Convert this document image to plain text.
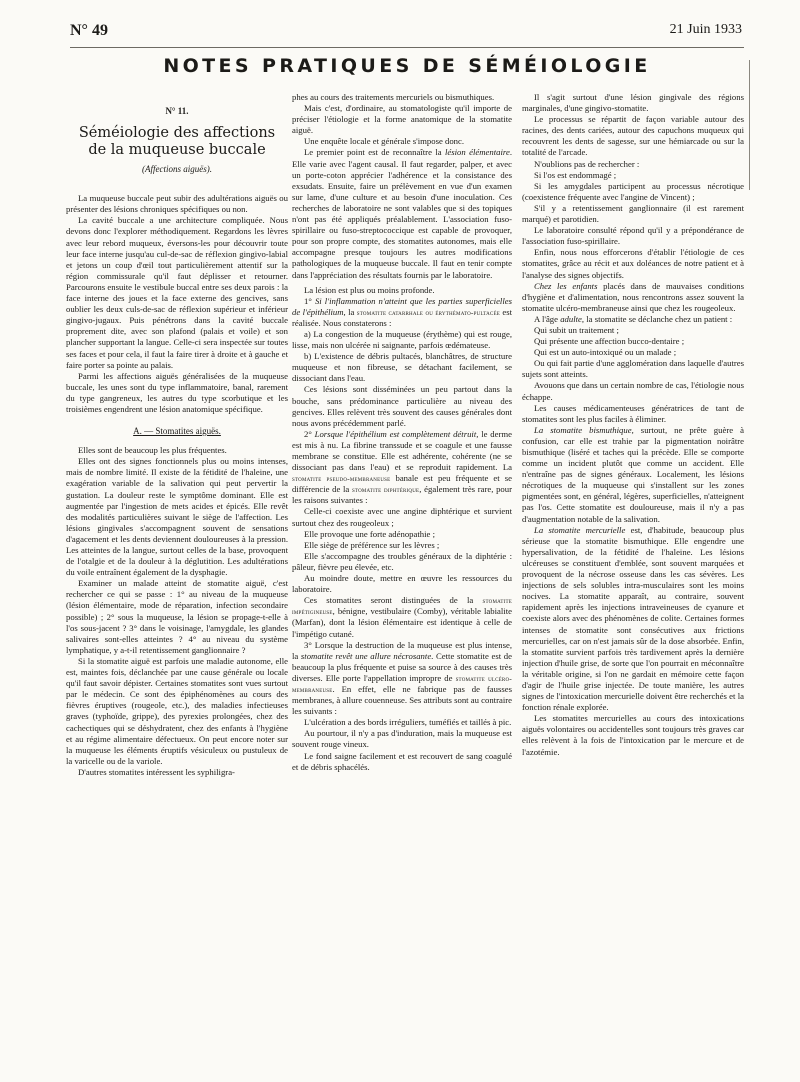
N° 49	21 Juin 1933
NOTES PRATIQUES DE SÉMÉIOLOGIE

N° 11.

Séméiologie des affections
de la muqueuse buccale

(Affections aiguës).

La muqueuse buccale peut subir des adultérations aiguës ou présenter des lésions chroniques spécifiques ou non.

La cavité buccale a une architecture compliquée. Nous devons donc l'explorer méthodiquement. Regardons les lèvres avec leur rebord muqueux, éversons-les pour découvrir toute leur face interne jusqu'au cul-de-sac de réflexion gingivo-labial et jetons un coup d'œil tout particulièrement attentif sur la région commissurale qu'il faut déplisser et retourner. Parcourons ensuite le vestibule buccal entre ses deux parois : la face interne des joues et la face externe des gencives, sans oublier les deux culs-de-sac de réflexion supérieur et inférieur gingivo-jugaux. Puis pénétrons dans la cavité buccale proprement dite, avec son plafond (palais et voile) et son plancher supportant la langue. Celle-ci sera inspectée sur toutes ses faces et pour cela, il faut la faire tirer à droite et à gauche et faire porter sa pointe au palais.

Parmi les affections aiguës généralisées de la muqueuse buccale, les unes sont du type inflammatoire, banal, rarement du type gangreneux, les autres du type scorbutique et les troisièmes engendrent une lésion anatomique spécifique.

A. — Stomatites aiguës.

Elles sont de beaucoup les plus fréquentes.

Elles ont des signes fonctionnels plus ou moins intenses, mais de nombre limité. Il existe de la fétidité de l'haleine, une exagération variable de la salivation qui peut pervertir la gustation. La douleur reste le symptôme dominant. Elle est augmentée par l'ingestion de mets acides et épicés. Elle revêt des modalités particulières suivant le siège de l'affection. Les lésions gingivales s'accompagnent souvent de sensations d'agacement et les dents deviennent douloureuses à la pression. Les atteintes de la langue, surtout celles de la base, provoquent de l'otalgie et de la douleur à la déglutition. Les adultérations du voile entraînent également de la dysphagie.

Examiner un malade atteint de stomatite aiguë, c'est rechercher ce qui se passe : 1° au niveau de la muqueuse (lésion élémentaire, mode de réparation, infection secondaire possible) ; 2° sous la muqueuse, la lésion se propage-t-elle à l'os sous-jacent ? 3° dans le voisinage, l'amygdale, les glandes salivaires sont-elles atteintes ? 4° au niveau du système lymphatique, y a-t-il retentissement ganglionnaire ?

Si la stomatite aiguë est parfois une maladie autonome, elle est, maintes fois, déclanchée par une cause générale ou locale qu'il faut savoir dépister. Certaines stomatites sont vues surtout par le médecin. Ce sont des épiphénomènes au cours des fièvres éruptives (rougeole, etc.), des maladies infectieuses graves (typhoïde, grippe), des pyrexies prolongées, chez des cachectiques qui se déshydratent, chez des enfants à l'hygiène et au régime alimentaire défectueux. On peut encore noter sur la muqueuse les éléments éruptifs vésiculeux ou pustuleux de la varicelle ou de la variole.

D'autres stomatites intéressent les syphiligra-

phes au cours des traitements mercuriels ou bismuthiques.

Mais c'est, d'ordinaire, au stomatologiste qu'il importe de préciser l'étiologie et la forme anatomique de la stomatite aiguë.

Une enquête locale et générale s'impose donc.

Le premier point est de reconnaître la lésion élémentaire. Elle varie avec l'agent causal. Il faut regarder, palper, et avec un porte-coton apprécier l'adhérence et la consistance des exsudats. Ensuite, faire un prélèvement en vue d'un examen sur lame, d'une culture et au besoin d'une inoculation. Ces recherches de laboratoire ne sont valables que si des topiques n'ont pas été appliqués préalablement. L'association fuso-spirillaire ou fuso-streptococcique est capable de provoquer, pour son propre compte, des stomatites autonomes, mais elle accompagne presque toujours les autres modifications pathologiques de la muqueuse buccale. Il faut en tenir compte dans l'appréciation des résultats fournis par le laboratoire.

La lésion est plus ou moins profonde.

1° Si l'inflammation n'atteint que les parties superficielles de l'épithélium, la stomatite catarrhale ou érythémato-pultacée est réalisée. Nous constaterons :

a) La congestion de la muqueuse (érythème) qui est rouge, lisse, mais non ulcérée ni saignante, parfois œdémateuse.

b) L'existence de débris pultacés, blanchâtres, de structure muqueuse et non fibreuse, se détachant facilement, se dissociant dans l'eau.

Ces lésions sont disséminées un peu partout dans la bouche, sans prédominance particulière au niveau des gencives. Elles relèvent très souvent des causes générales dont nous avons précédemment parlé.

2° Lorsque l'épithélium est complètement détruit, le derme est mis à nu. La fibrine transsude et se coagule et une fausse membrane se constitue. Elle est adhérente, cohérente (ne se dissociant pas dans l'eau) et se reproduit rapidement. La stomatite pseudo-membraneuse banale est peu fréquente et se différencie de la stomatite diphtérique, également très rare, pour les raisons suivantes :

Celle-ci coexiste avec une angine diphtérique et survient surtout chez des rougeoleux ;

Elle provoque une forte adénopathie ;

Elle siège de préférence sur les lèvres ;

Elle s'accompagne des troubles généraux de la diphtérie : pâleur, fièvre peu élevée, etc.

Au moindre doute, mettre en œuvre les ressources du laboratoire.

Ces stomatites seront distinguées de la stomatite impétigineuse, bénigne, vestibulaire (Comby), véritable labialite (Marfan), dont la lésion élémentaire est identique à celle de l'impétigo cutané.

3° Lorsque la destruction de la muqueuse est plus intense, la stomatite revêt une allure nécrosante. Cette stomatite est de beaucoup la plus fréquente et puise sa source à des causes très diverses. Elle porte l'appellation impropre de stomatite ulcéro-membraneuse. En effet, elle ne fabrique pas de fausses membranes, à allure couenneuse. Ses attributs sont au contraire les suivants :

L'ulcération a des bords irréguliers, tuméfiés et taillés à pic.

Au pourtour, il n'y a pas d'induration, mais la muqueuse est souvent rouge vineux.

Le fond saigne facilement et est recouvert de sang coagulé et de débris sphacélés.

Il s'agit surtout d'une lésion gingivale des régions marginales, d'une gingivo-stomatite.

Le processus se répartit de façon variable autour des racines, des dents cariées, autour des capuchons muqueux qui recouvrent les dents de sagesse, sur une hémiarcade ou sur la totalité de l'arcade.

N'oublions pas de rechercher :

Si l'os est endommagé ;

Si les amygdales participent au processus nécrotique (coexistence fréquente avec l'angine de Vincent) ;

S'il y a retentissement ganglionnaire (il est rarement marqué) et parotidien.

Le laboratoire consulté répond qu'il y a prépondérance de l'association fuso-spirillaire.

Enfin, nous nous efforcerons d'établir l'étiologie de ces stomatites, grâce au récit et aux doléances de notre patient et à l'analyse des signes objectifs.

Chez les enfants placés dans de mauvaises conditions d'hygiène et d'alimentation, nous rencontrons assez souvent la stomatite ulcéro-membraneuse ainsi que chez les rougeoleux.

A l'âge adulte, la stomatite se déclanche chez un patient :

Qui subit un traitement ;

Qui présente une affection bucco-dentaire ;

Qui est un auto-intoxiqué ou un malade ;

Ou qui fait partie d'une agglomération dans laquelle d'autres sujets sont atteints.

Avouons que dans un certain nombre de cas, l'étiologie nous échappe.

Les causes médicamenteuses génératrices de tant de stomatites sont les plus faciles à éliminer.

La stomatite bismuthique, surtout, ne prête guère à confusion, car elle est trahie par la pigmentation noirâtre bismuthique (liséré et taches qui la précède. Elle se comporte comme un incident plutôt que comme un accident. Elle n'entraîne pas de signes généraux. Localement, les lésions nécrotiques de la muqueuse qui s'installent sur les zones pigmentées sont, en général, légères, superficielles, n'atteignent pas l'os. Cette stomatite est douloureuse, mais il n'y a pas d'augmentation notable de la salivation.

La stomatite mercurielle est, d'habitude, beaucoup plus sérieuse que la stomatite bismuthique. Elle engendre une hypersalivation, de la fétidité de l'haleine. Les lésions ulcéreuses se constituent d'emblée, sont souvent marquées et provoquent de la nécrose osseuse dans les cas sévères. Les injections de sels solubles intra-musculaires sont les moins nocives. La stomatite apparaît, au contraire, souvent rapidement après les injections intraveineuses de cyanure et coexiste alors avec des phénomènes de colite. Certaines formes intenses de stomatite sont consécutives aux frictions mercurielles, car on n'est jamais sûr de la dose absorbée. Enfin, la stomatite survient parfois très tardivement après la dernière injection d'huile grise, de sorte que l'on pourrait en méconnaître la véritable origine, si l'on ne gardait en mémoire cette façon d'agir de l'huile grise injectée. De toute manière, les autres signes de l'intoxication mercurielle doivent être recherchés et la fonction rénale explorée.

Les stomatites mercurielles au cours des intoxications aiguës volontaires ou accidentelles sont toujours très graves car elles relèvent à la fois de l'intoxication par le mercure et de l'azotémie.
